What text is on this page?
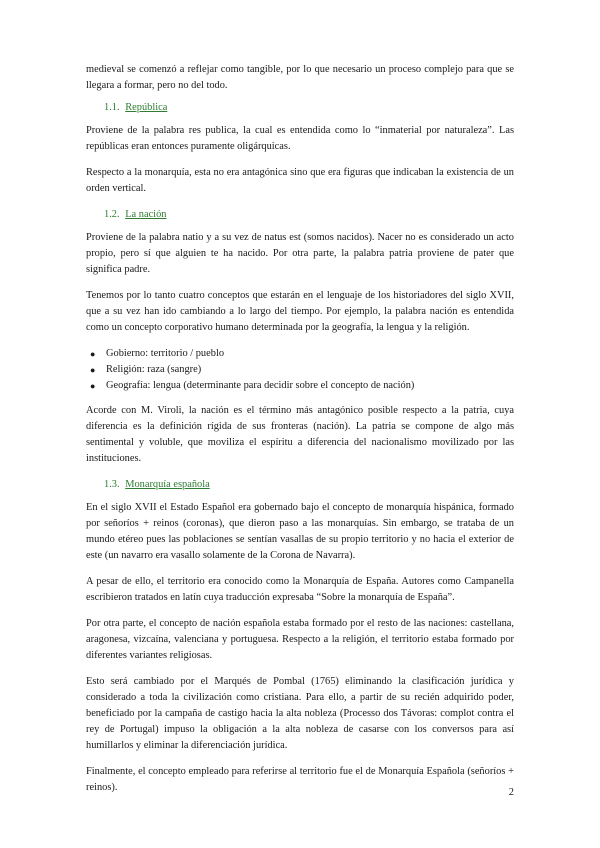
medieval se comenzó a reflejar como tangible, por lo que necesario un proceso complejo para que se llegara a formar, pero no del todo.

1.1. República

Proviene de la palabra res publica, la cual es entendida como lo “inmaterial por naturaleza”. Las repúblicas eran entonces puramente oligárquicas.

Respecto a la monarquía, esta no era antagónica sino que era figuras que indicaban la existencia de un orden vertical.

1.2. La nación

Proviene de la palabra natio y a su vez de natus est (somos nacidos). Nacer no es considerado un acto propio, pero sí que alguien te ha nacido. Por otra parte, la palabra patria proviene de pater que significa padre.

Tenemos por lo tanto cuatro conceptos que estarán en el lenguaje de los historiadores del siglo XVII, que a su vez han ido cambiando a lo largo del tiempo. Por ejemplo, la palabra nación es entendida como un concepto corporativo humano determinada por la geografía, la lengua y la religión.

● Gobierno: territorio / pueblo
● Religión: raza (sangre)
● Geografía: lengua (determinante para decidir sobre el concepto de nación)

Acorde con M. Viroli, la nación es el término más antagónico posible respecto a la patria, cuya diferencia es la definición rígida de sus fronteras (nación). La patria se compone de algo más sentimental y voluble, que moviliza el espíritu a diferencia del nacionalismo movilizado por las instituciones.

1.3. Monarquía española

En el siglo XVII el Estado Español era gobernado bajo el concepto de monarquía hispánica, formado por señoríos + reinos (coronas), que dieron paso a las monarquías. Sin embargo, se trataba de un mundo etéreo pues las poblaciones se sentían vasallas de su propio territorio y no hacia el exterior de este (un navarro era vasallo solamente de la Corona de Navarra).

A pesar de ello, el territorio era conocido como la Monarquía de España. Autores como Campanella escribieron tratados en latín cuya traducción expresaba “Sobre la monarquía de España”.

Por otra parte, el concepto de nación española estaba formado por el resto de las naciones: castellana, aragonesa, vizcaína, valenciana y portuguesa. Respecto a la religión, el territorio estaba formado por diferentes variantes religiosas.

Esto será cambiado por el Marqués de Pombal (1765) eliminando la clasificación jurídica y considerado a toda la civilización como cristiana. Para ello, a partir de su recién adquirido poder, beneficiado por la campaña de castigo hacia la alta nobleza (Processo dos Távoras: complot contra el rey de Portugal) impuso la obligación a la alta nobleza de casarse con los conversos para así humillarlos y eliminar la diferenciación jurídica.

Finalmente, el concepto empleado para referirse al territorio fue el de Monarquía Española (señoríos + reinos).	2
